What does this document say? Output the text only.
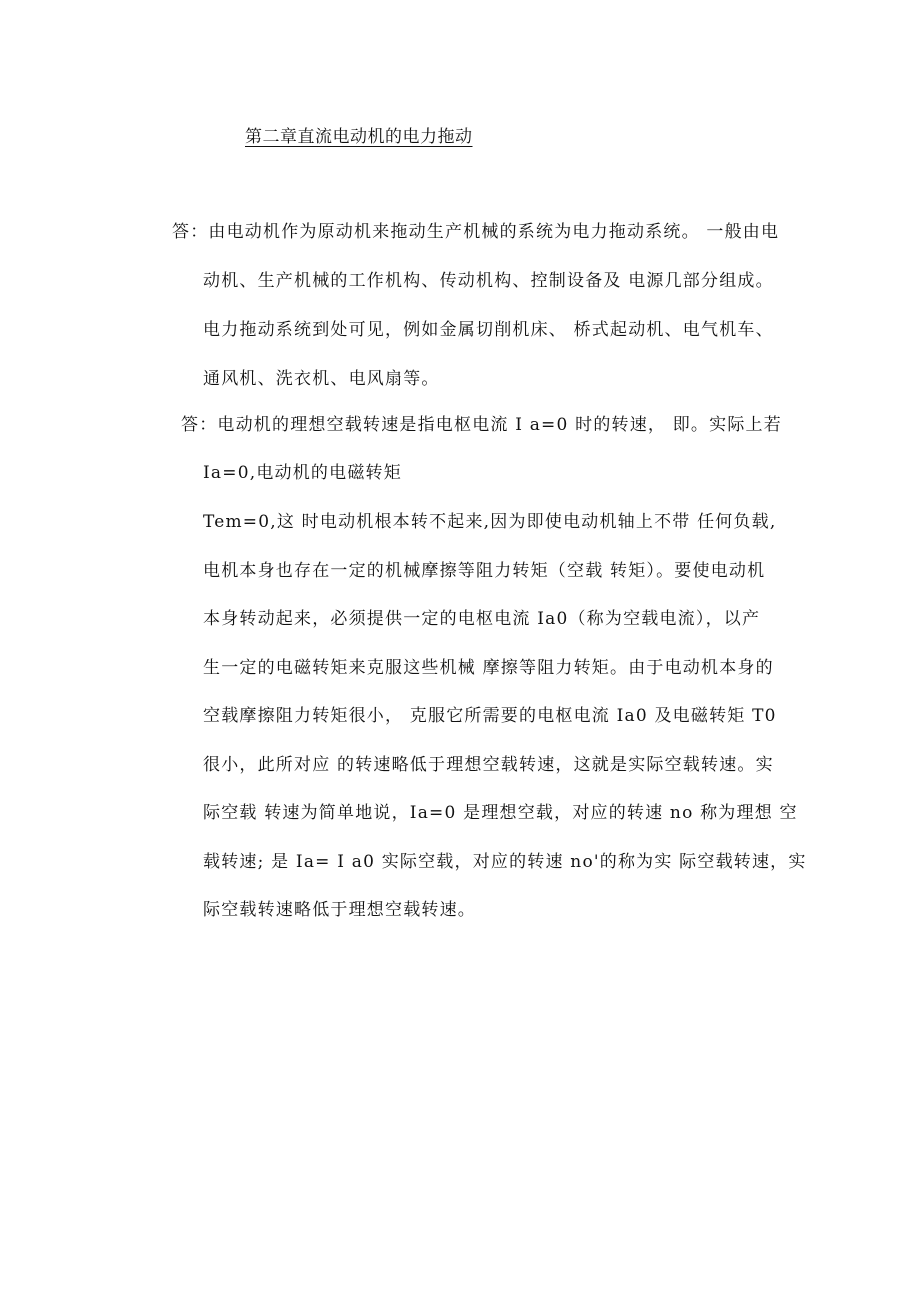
第二章直流电动机的电力拖动
答：由电动机作为原动机来拖动生产机械的系统为电力拖动系统。 一般由电
动机、生产机械的工作机构、传动机构、控制设备及 电源几部分组成。
电力拖动系统到处可见，例如金属切削机床、 桥式起动机、电气机车、
通风机、洗衣机、电风扇等。
答：电动机的理想空载转速是指电枢电流 I a=0 时的转速， 即。实际上若
Ia=0,电动机的电磁转矩
Tem=0,这 时电动机根本转不起来,因为即使电动机轴上不带 任何负载,
电机本身也存在一定的机械摩擦等阻力转矩（空载 转矩）。要使电动机
本身转动起来，必须提供一定的电枢电流 Ia0（称为空载电流），以产
生一定的电磁转矩来克服这些机械 摩擦等阻力转矩。由于电动机本身的
空载摩擦阻力转矩很小， 克服它所需要的电枢电流 Ia0 及电磁转矩 T0
很小，此所对应 的转速略低于理想空载转速，这就是实际空载转速。实
际空载 转速为简单地说，Ia=0 是理想空载，对应的转速 no 称为理想 空
载转速; 是 Ia= I a0 实际空载，对应的转速 no'的称为实 际空载转速，实
际空载转速略低于理想空载转速。
